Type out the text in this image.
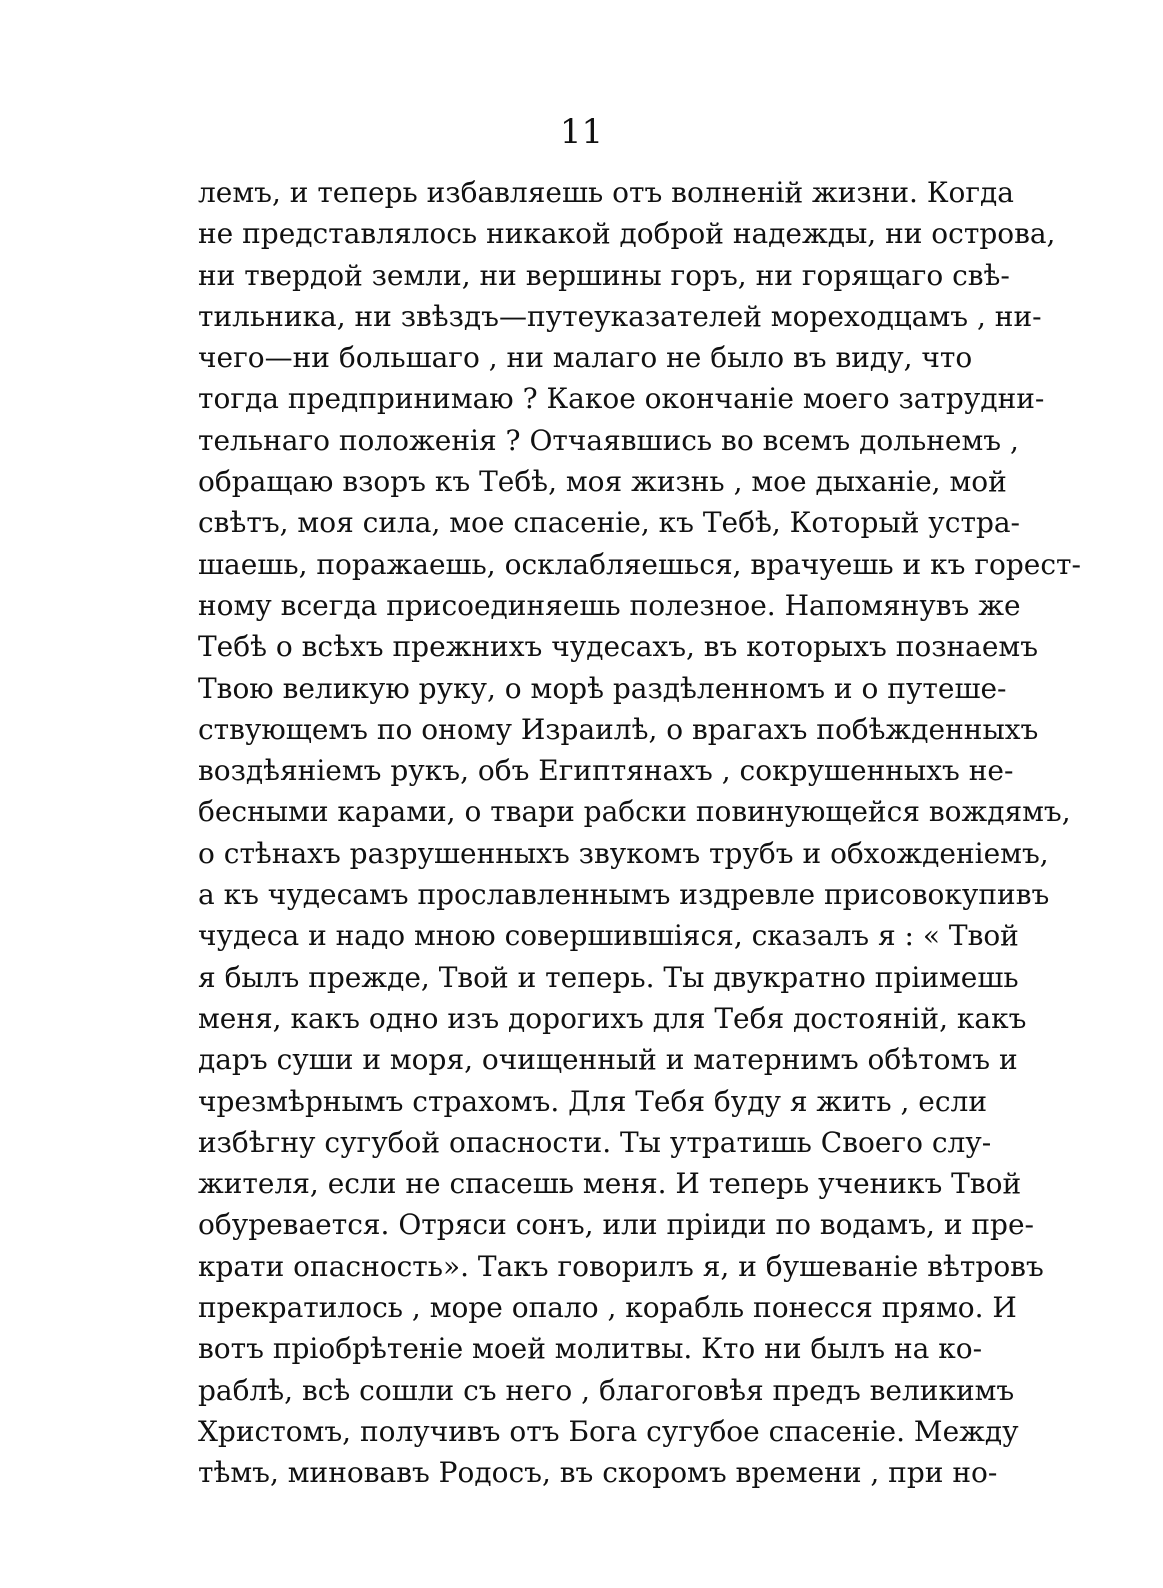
11
лемъ, и теперь избавляешь отъ волненій жизни. Когда
не представлялось никакой доброй надежды, ни острова,
ни твердой земли, ни вершины горъ, ни горящаго свѣ-
тильника, ни звѣздъ—путеуказателей мореходцамъ , ни-
чего—ни большаго , ни малаго не было въ виду, что
тогда предпринимаю ? Какое окончаніе моего затрудни-
тельнаго положенія ? Отчаявшись во всемъ дольнемъ ,
обращаю взоръ къ Тебѣ, моя жизнь , мое дыханіе, мой
свѣтъ, моя сила, мое спасеніе, къ Тебѣ, Который устра-
шаешь, поражаешь, осклабляешься, врачуешь и къ горест-
ному всегда присоединяешь полезное. Напомянувъ же
Тебѣ о всѣхъ прежнихъ чудесахъ, въ которыхъ познаемъ
Твою великую руку, о морѣ раздѣленномъ и о путеше-
ствующемъ по оному Израилѣ, о врагахъ побѣжденныхъ
воздѣяніемъ рукъ, объ Египтянахъ , сокрушенныхъ не-
бесными карами, о твари рабски повинующейся вождямъ,
о стѣнахъ разрушенныхъ звукомъ трубъ и обхожденіемъ,
а къ чудесамъ прославленнымъ издревле присовокупивъ
чудеса и надо мною совершившіяся, сказалъ я : « Твой
я былъ прежде, Твой и теперь. Ты двукратно пріимешь
меня, какъ одно изъ дорогихъ для Тебя достояній, какъ
даръ суши и моря, очищенный и матернимъ обѣтомъ и
чрезмѣрнымъ страхомъ. Для Тебя буду я жить , если
избѣгну сугубой опасности. Ты утратишь Своего слу-
жителя, если не спасешь меня. И теперь ученикъ Твой
обуревается. Отряси сонъ, или пріиди по водамъ, и пре-
крати опасность». Такъ говорилъ я, и бушеваніе вѣтровъ
прекратилось , море опало , корабль понесся прямо. И
вотъ пріобрѣтеніе моей молитвы. Кто ни былъ на ко-
раблѣ, всѣ сошли съ него , благоговѣя предъ великимъ
Христомъ, получивъ отъ Бога сугубое спасеніе. Между
тѣмъ, миновавъ Родосъ, въ скоромъ времени , при но-
